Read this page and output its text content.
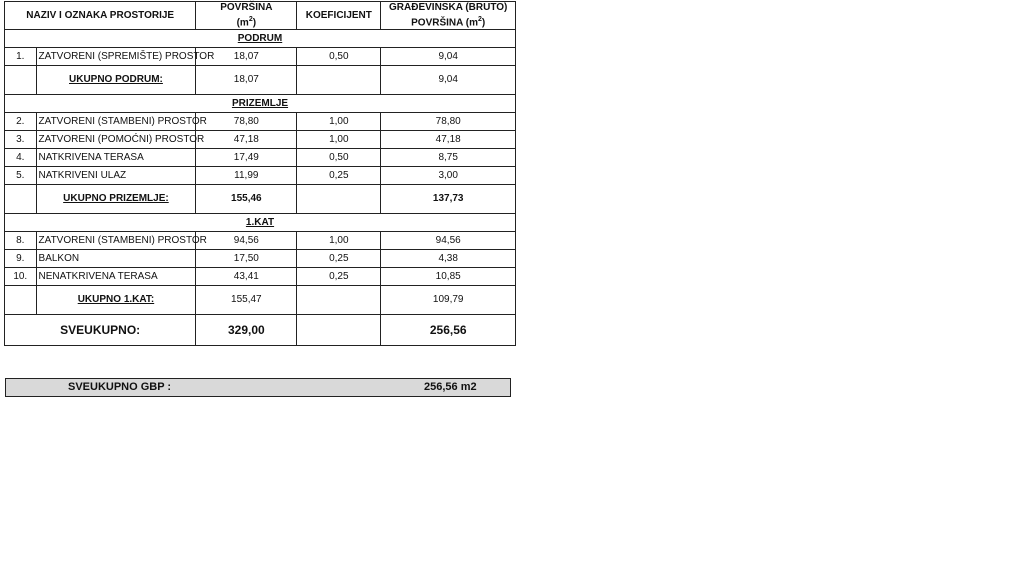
NAZIV I OZNAKA PROSTORIJE		POVRŠINA
$(m^2)$	KOEFICIJENT	GRAĐEVINSKA (BRUTO)
POVRŠINA $(m^2)$
PODRUM				
1.	ZATVORENI (SPREMIŠTE) PROSTOR	18,07	0,50	9,04
	UKUPNO PODRUM:	18,07		9,04
PRIZEMLJE				
2.	ZATVORENI (STAMBENI) PROSTOR	78,80	1,00	78,80
3.	ZATVORENI (POMOĆNI) PROSTOR	47,18	1,00	47,18
4.	NATKRIVENA TERASA	17,49	0,50	8,75
5.	NATKRIVENI ULAZ	11,99	0,25	3,00
	UKUPNO PRIZEMLJE:	155,46		137,73
1.KAT				
8.	ZATVORENI (STAMBENI) PROSTOR	94,56	1,00	94,56
9.	BALKON	17,50	0,25	4,38
10.	NENATKRIVENA TERASA	43,41	0,25	10,85
	UKUPNO 1.KAT:	155,47		109,79
SVEUKUPNO:		329,00		256,56
SVEUKUPNO GBP :	256,56 m2
